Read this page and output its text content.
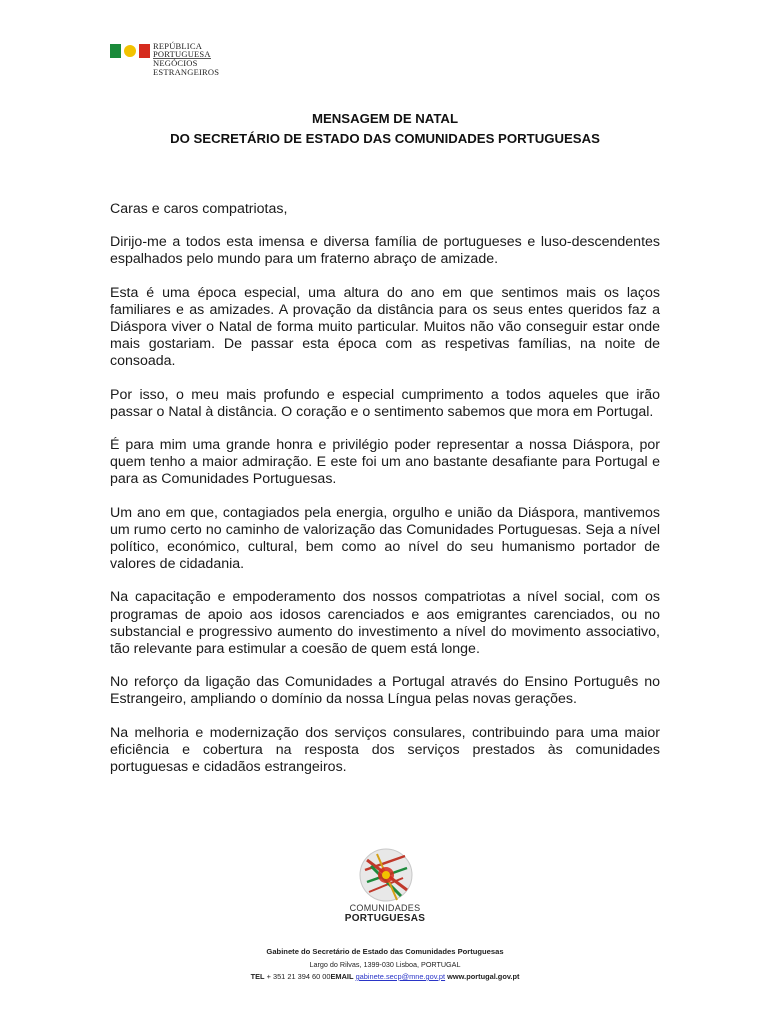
REPÚBLICA
PORTUGUESA
NEGÓCIOS
ESTRANGEIROS
MENSAGEM DE NATAL
DO SECRETÁRIO DE ESTADO DAS COMUNIDADES PORTUGUESAS

Caras e caros compatriotas,

Dirijo-me a todos esta imensa e diversa família de portugueses e luso-descendentes espalhados pelo mundo para um fraterno abraço de amizade.

Esta é uma época especial, uma altura do ano em que sentimos mais os laços familiares e as amizades. A provação da distância para os seus entes queridos faz a Diáspora viver o Natal de forma muito particular. Muitos não vão conseguir estar onde mais gostariam. De passar esta época com as respetivas famílias, na noite de consoada.

Por isso, o meu mais profundo e especial cumprimento a todos aqueles que irão passar o Natal à distância. O coração e o sentimento sabemos que mora em Portugal.

É para mim uma grande honra e privilégio poder representar a nossa Diáspora, por quem tenho a maior admiração. E este foi um ano bastante desafiante para Portugal e para as Comunidades Portuguesas.

Um ano em que, contagiados pela energia, orgulho e união da Diáspora, mantivemos um rumo certo no caminho de valorização das Comunidades Portuguesas. Seja a nível político, económico, cultural, bem como ao nível do seu humanismo portador de valores de cidadania.

Na capacitação e empoderamento dos nossos compatriotas a nível social, com os programas de apoio aos idosos carenciados e aos emigrantes carenciados, ou no substancial e progressivo aumento do investimento a nível do movimento associativo, tão relevante para estimular a coesão de quem está longe.

No reforço da ligação das Comunidades a Portugal através do Ensino Português no Estrangeiro, ampliando o domínio da nossa Língua pelas novas gerações.

Na melhoria e modernização dos serviços consulares, contribuindo para uma maior eficiência e cobertura na resposta dos serviços prestados às comunidades portuguesas e cidadãos estrangeiros.

COMUNIDADES
PORTUGUESAS
Gabinete do Secretário de Estado das Comunidades Portuguesas
Largo do Rilvas, 1399-030 Lisboa, PORTUGAL
TEL + 351 21 394 60 00EMAIL gabinete.secp@mne.gov.pt www.portugal.gov.pt
